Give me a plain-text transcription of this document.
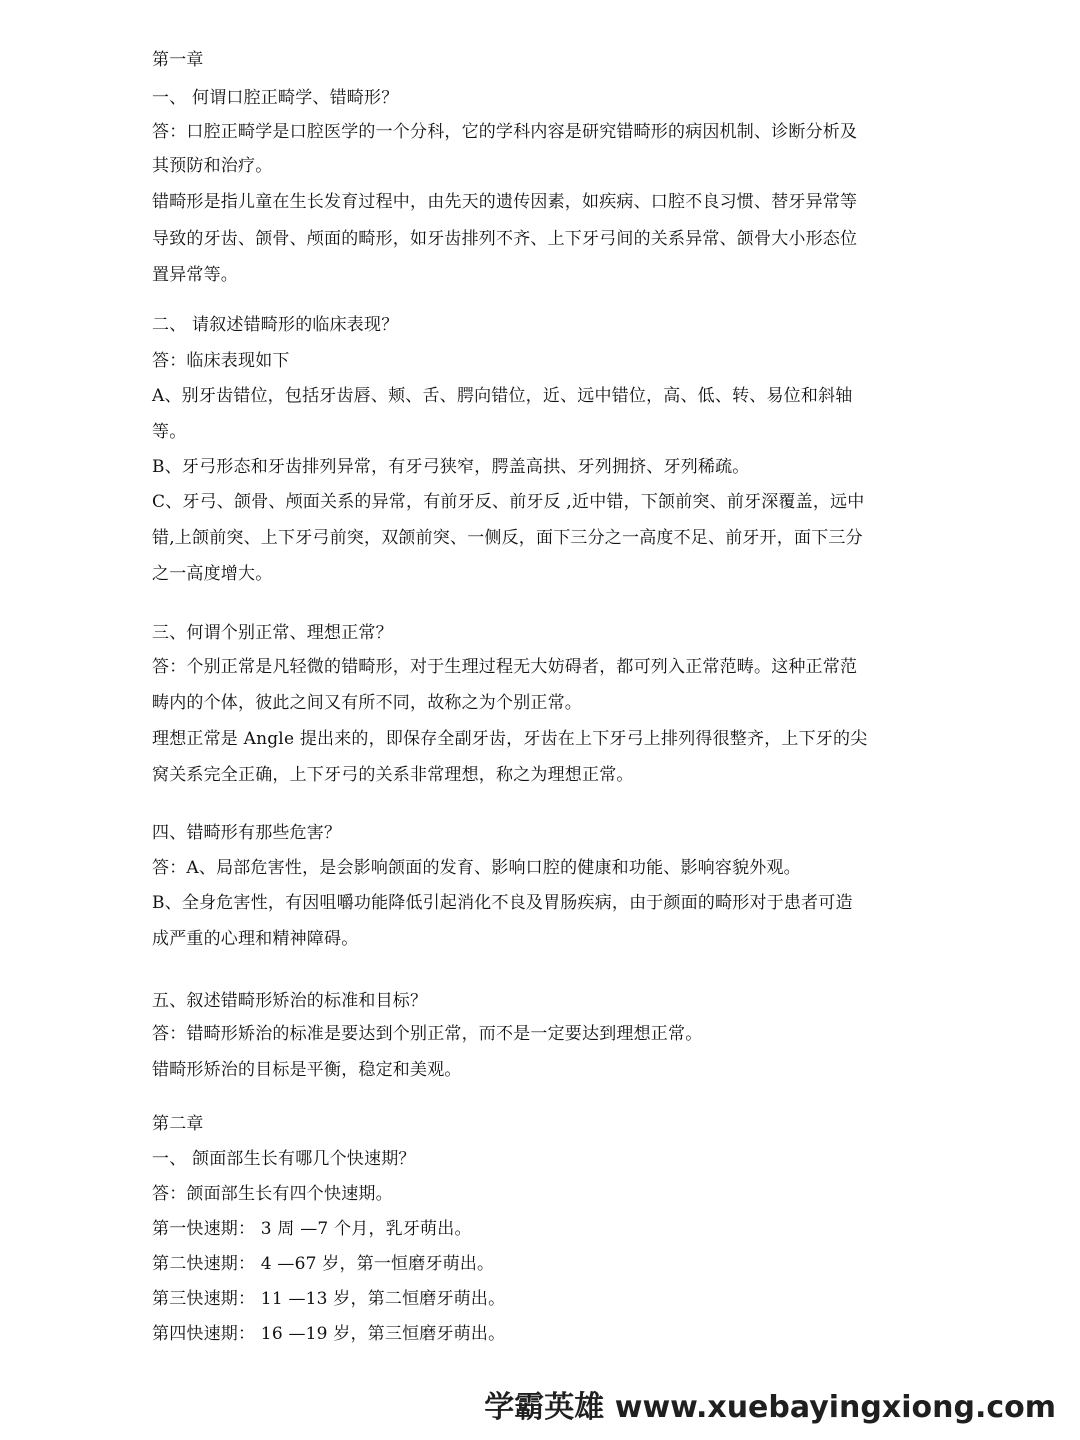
第一章
一、 何谓口腔正畸学、错畸形？
答：口腔正畸学是口腔医学的一个分科，它的学科内容是研究错畸形的病因机制、诊断分析及
其预防和治疗。
错畸形是指儿童在生长发育过程中，由先天的遗传因素，如疾病、口腔不良习惯、替牙异常等
导致的牙齿、颌骨、颅面的畸形，如牙齿排列不齐、上下牙弓间的关系异常、颌骨大小形态位
置异常等。
二、 请叙述错畸形的临床表现？
答：临床表现如下
A、别牙齿错位，包括牙齿唇、颊、舌、腭向错位，近、远中错位，高、低、转、易位和斜轴
等。
B、牙弓形态和牙齿排列异常，有牙弓狭窄，腭盖高拱、牙列拥挤、牙列稀疏。
C、牙弓、颌骨、颅面关系的异常，有前牙反、前牙反 ,近中错，下颌前突、前牙深覆盖，远中
错,上颌前突、上下牙弓前突，双颌前突、一侧反，面下三分之一高度不足、前牙开，面下三分
之一高度增大。
三、何谓个别正常、理想正常？
答：个别正常是凡轻微的错畸形，对于生理过程无大妨碍者，都可列入正常范畴。这种正常范
畴内的个体，彼此之间又有所不同，故称之为个别正常。
理想正常是 Angle 提出来的，即保存全副牙齿，牙齿在上下牙弓上排列得很整齐，上下牙的尖
窝关系完全正确，上下牙弓的关系非常理想，称之为理想正常。
四、错畸形有那些危害？
答：A、局部危害性，是会影响颌面的发育、影响口腔的健康和功能、影响容貌外观。
B、全身危害性，有因咀嚼功能降低引起消化不良及胃肠疾病，由于颜面的畸形对于患者可造
成严重的心理和精神障碍。
五、叙述错畸形矫治的标准和目标？
答：错畸形矫治的标准是要达到个别正常，而不是一定要达到理想正常。
错畸形矫治的目标是平衡，稳定和美观。
第二章
一、 颌面部生长有哪几个快速期？
答：颌面部生长有四个快速期。
第一快速期： 3 周 —7 个月，乳牙萌出。
第二快速期： 4 —67 岁，第一恒磨牙萌出。
第三快速期： 11 —13 岁，第二恒磨牙萌出。
第四快速期： 16 —19 岁，第三恒磨牙萌出。
学霸英雄 www.xuebayingxiong.com
